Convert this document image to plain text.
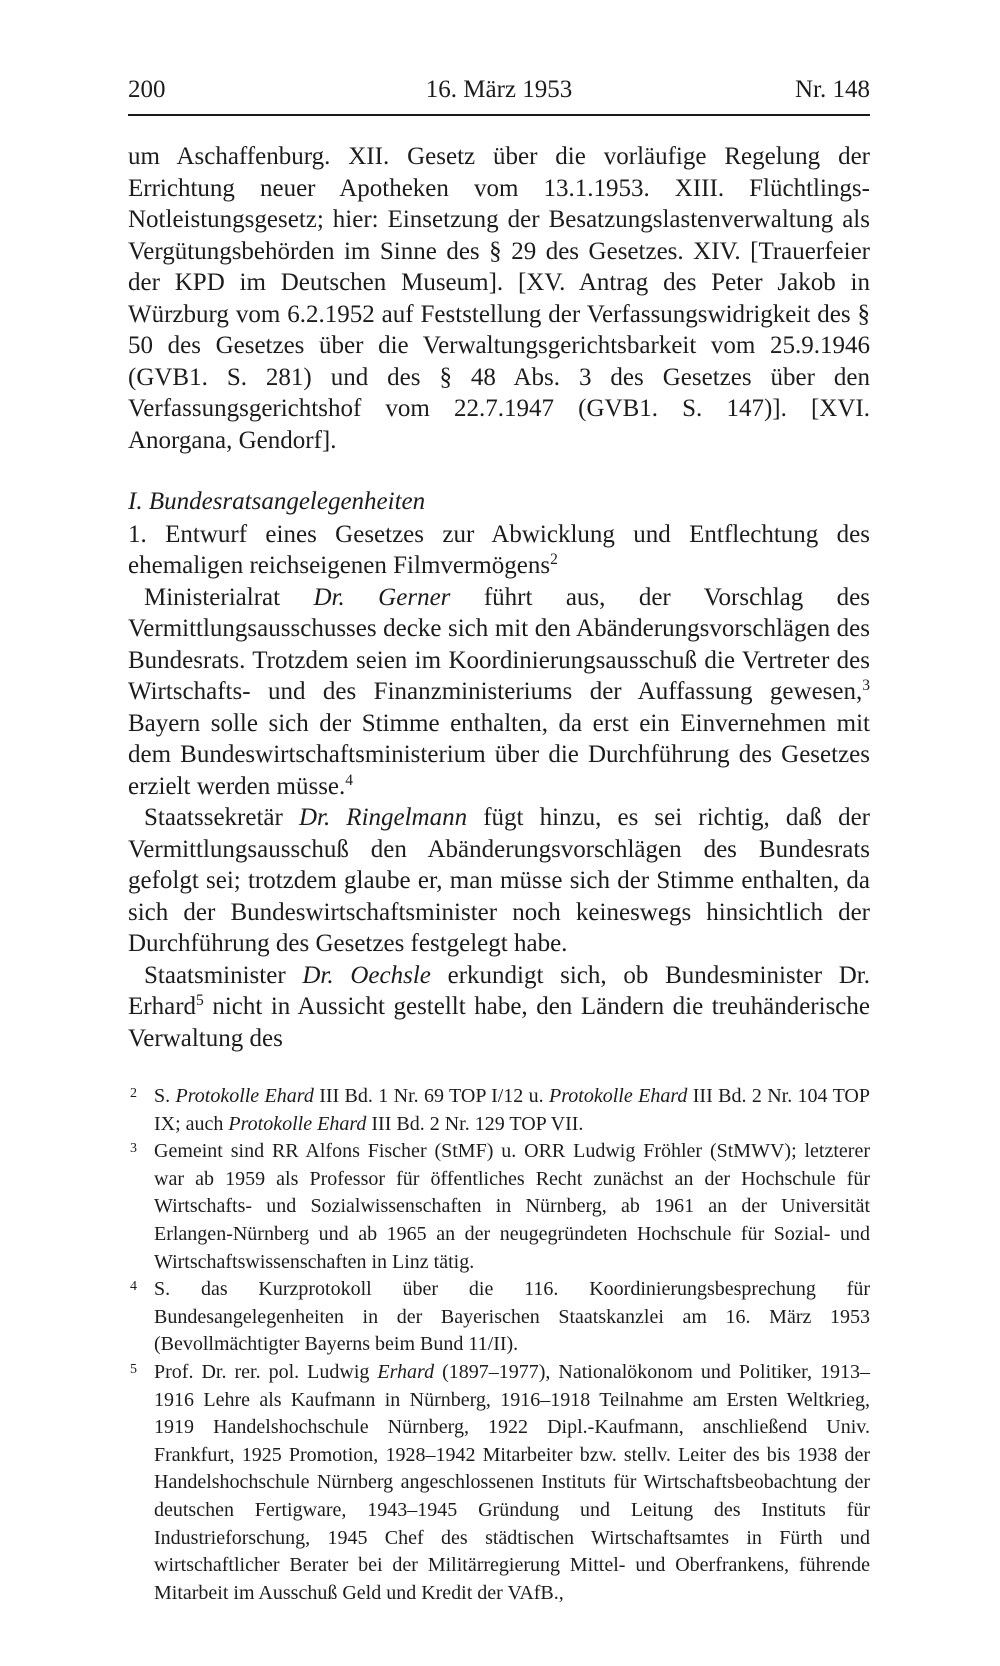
200	16. März 1953	Nr. 148

um Aschaffenburg. XII. Gesetz über die vorläufige Regelung der Errichtung neuer Apotheken vom 13.1.1953. XIII. Flüchtlings-Notleistungsgesetz; hier: Einsetzung der Besatzungslastenverwaltung als Vergütungsbehörden im Sinne des § 29 des Gesetzes. XIV. [Trauerfeier der KPD im Deutschen Museum]. [XV. Antrag des Peter Jakob in Würzburg vom 6.2.1952 auf Feststellung der Verfassungswidrigkeit des § 50 des Gesetzes über die Verwaltungsgerichtsbarkeit vom 25.9.1946 (GVB1. S. 281) und des § 48 Abs. 3 des Gesetzes über den Verfassungsgerichtshof vom 22.7.1947 (GVB1. S. 147)]. [XVI. Anorgana, Gendorf].

I. Bundesratsangelegenheiten

1. Entwurf eines Gesetzes zur Abwicklung und Entflechtung des ehemaligen reichseigenen Filmvermögens$^2$

Ministerialrat Dr. Gerner führt aus, der Vorschlag des Vermittlungsausschusses decke sich mit den Abänderungsvorschlägen des Bundesrats. Trotzdem seien im Koordinierungsausschuß die Vertreter des Wirtschafts- und des Finanzministeriums der Auffassung gewesen,$^3$ Bayern solle sich der Stimme enthalten, da erst ein Einvernehmen mit dem Bundeswirtschaftsministerium über die Durchführung des Gesetzes erzielt werden müsse.$^4$

Staatssekretär Dr. Ringelmann fügt hinzu, es sei richtig, daß der Vermittlungsausschuß den Abänderungsvorschlägen des Bundesrats gefolgt sei; trotzdem glaube er, man müsse sich der Stimme enthalten, da sich der Bundeswirtschaftsminister noch keineswegs hinsichtlich der Durchführung des Gesetzes festgelegt habe.

Staatsminister Dr. Oechsle erkundigt sich, ob Bundesminister Dr. Erhard$^5$ nicht in Aussicht gestellt habe, den Ländern die treuhänderische Verwaltung des

2 S. Protokolle Ehard III Bd. 1 Nr. 69 TOP I/12 u. Protokolle Ehard III Bd. 2 Nr. 104 TOP IX; auch Protokolle Ehard III Bd. 2 Nr. 129 TOP VII.
3 Gemeint sind RR Alfons Fischer (StMF) u. ORR Ludwig Fröhler (StMWV); letzterer war ab 1959 als Professor für öffentliches Recht zunächst an der Hochschule für Wirtschafts- und Sozialwissenschaften in Nürnberg, ab 1961 an der Universität Erlangen-Nürnberg und ab 1965 an der neugegründeten Hochschule für Sozial- und Wirtschaftswissenschaften in Linz tätig.
4 S. das Kurzprotokoll über die 116. Koordinierungsbesprechung für Bundesangelegenheiten in der Bayerischen Staatskanzlei am 16. März 1953 (Bevollmächtigter Bayerns beim Bund 11/II).
5 Prof. Dr. rer. pol. Ludwig Erhard (1897–1977), Nationalökonom und Politiker, 1913–1916 Lehre als Kaufmann in Nürnberg, 1916–1918 Teilnahme am Ersten Weltkrieg, 1919 Handelshochschule Nürnberg, 1922 Dipl.-Kaufmann, anschließend Univ. Frankfurt, 1925 Promotion, 1928–1942 Mitarbeiter bzw. stellv. Leiter des bis 1938 der Handelshochschule Nürnberg angeschlossenen Instituts für Wirtschaftsbeobachtung der deutschen Fertigware, 1943–1945 Gründung und Leitung des Instituts für Industrieforschung, 1945 Chef des städtischen Wirtschaftsamtes in Fürth und wirtschaftlicher Berater bei der Militärregierung Mittel- und Oberfrankens, führende Mitarbeit im Ausschuß Geld und Kredit der VAfB.,
